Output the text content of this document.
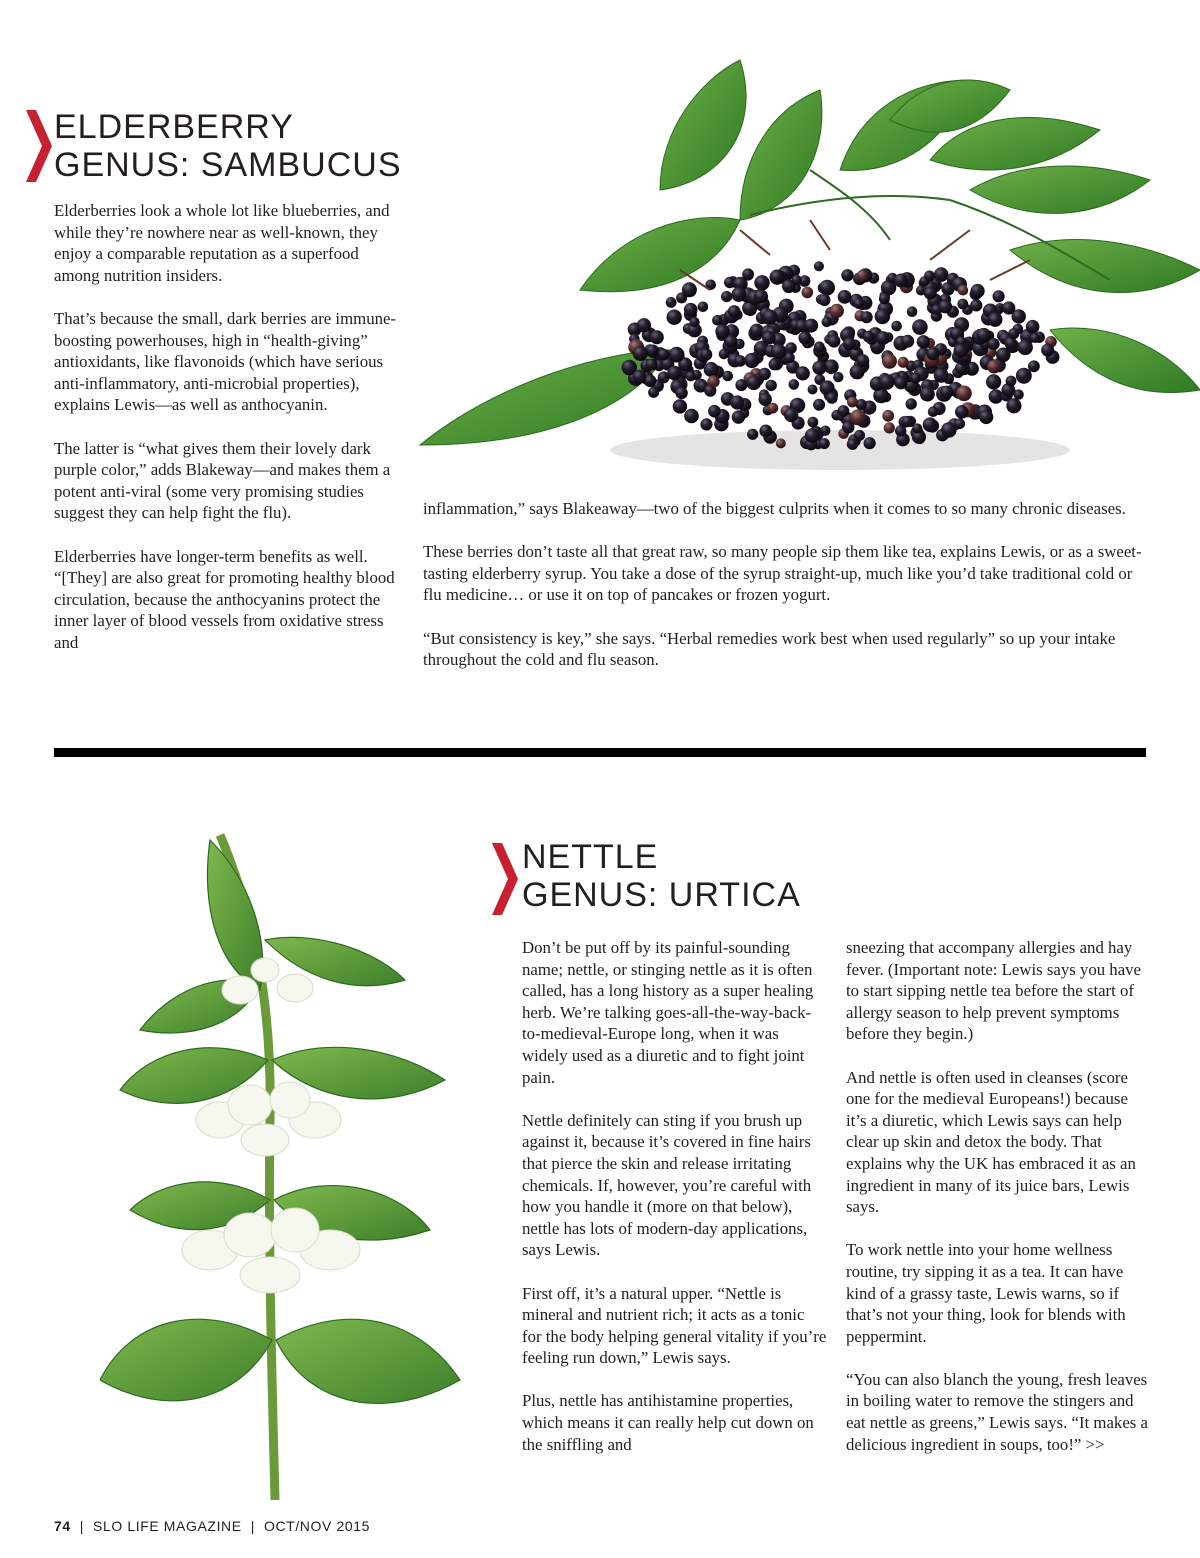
ELDERBERRY
GENUS: SAMBUCUS

Elderberries look a whole lot like blueberries, and while they’re nowhere near as well-known, they enjoy a comparable reputation as a superfood among nutrition insiders.

That’s because the small, dark berries are immune-boosting powerhouses, high in “health-giving” antioxidants, like flavonoids (which have serious anti-inflammatory, anti-microbial properties), explains Lewis—as well as anthocyanin.

The latter is “what gives them their lovely dark purple color,” adds Blakeway—and makes them a potent anti-viral (some very promising studies suggest they can help fight the flu).

Elderberries have longer-term benefits as well. “[They] are also great for promoting healthy blood circulation, because the anthocyanins protect the inner layer of blood vessels from oxidative stress and

inflammation,” says Blakeaway—two of the biggest culprits when it comes to so many chronic diseases.

These berries don’t taste all that great raw, so many people sip them like tea, explains Lewis, or as a sweet-tasting elderberry syrup. You take a dose of the syrup straight-up, much like you’d take traditional cold or flu medicine… or use it on top of pancakes or frozen yogurt.

“But consistency is key,” she says. “Herbal remedies work best when used regularly” so up your intake throughout the cold and flu season.

NETTLE
GENUS: URTICA

Don’t be put off by its painful-sounding name; nettle, or stinging nettle as it is often called, has a long history as a super healing herb. We’re talking goes-all-the-way-back-to-medieval-Europe long, when it was widely used as a diuretic and to fight joint pain.

Nettle definitely can sting if you brush up against it, because it’s covered in fine hairs that pierce the skin and release irritating chemicals. If, however, you’re careful with how you handle it (more on that below), nettle has lots of modern-day applications, says Lewis.

First off, it’s a natural upper. “Nettle is mineral and nutrient rich; it acts as a tonic for the body helping general vitality if you’re feeling run down,” Lewis says.

Plus, nettle has antihistamine properties, which means it can really help cut down on the sniffling and

sneezing that accompany allergies and hay fever. (Important note: Lewis says you have to start sipping nettle tea before the start of allergy season to help prevent symptoms before they begin.)

And nettle is often used in cleanses (score one for the medieval Europeans!) because it’s a diuretic, which Lewis says can help clear up skin and detox the body. That explains why the UK has embraced it as an ingredient in many of its juice bars, Lewis says.

To work nettle into your home wellness routine, try sipping it as a tea. It can have kind of a grassy taste, Lewis warns, so if that’s not your thing, look for blends with peppermint.

“You can also blanch the young, fresh leaves in boiling water to remove the stingers and eat nettle as greens,” Lewis says. “It makes a delicious ingredient in soups, too!” >>

74 | SLO LIFE MAGAZINE | OCT/NOV 2015
